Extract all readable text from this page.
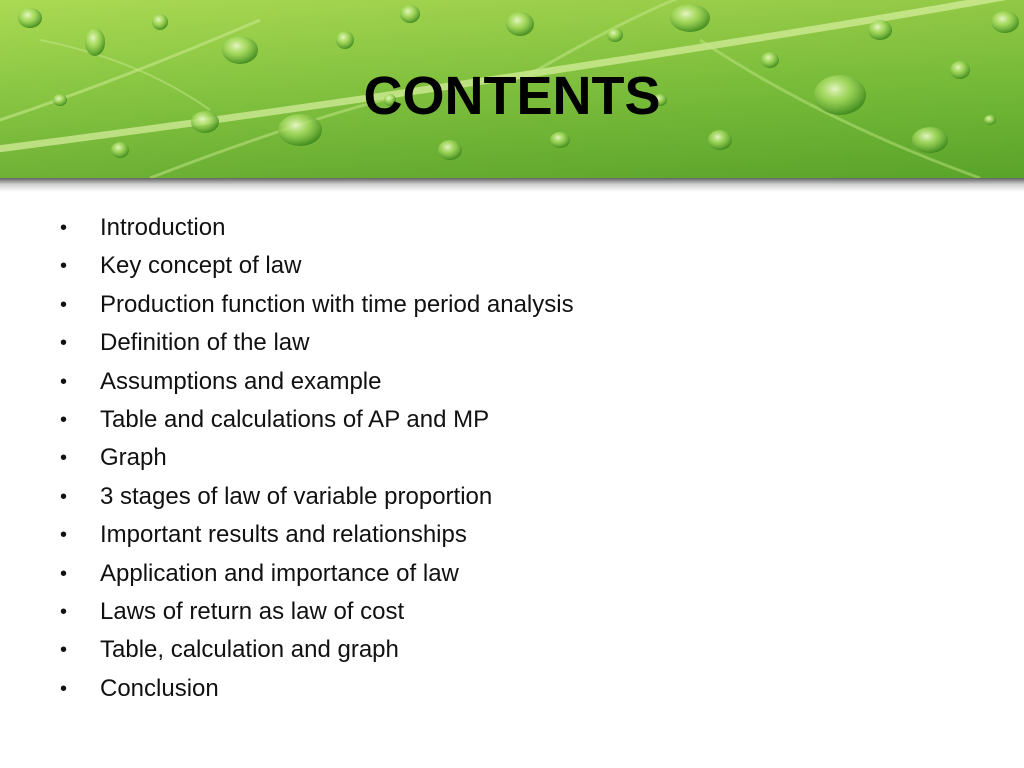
CONTENTS
• Introduction
• Key concept of law
• Production function with time period analysis
• Definition of the law
• Assumptions and example
• Table and calculations of AP and MP
• Graph
• 3 stages of law of variable proportion
• Important results and relationships
• Application and importance of law
• Laws of return as law of cost
• Table, calculation and graph
• Conclusion
